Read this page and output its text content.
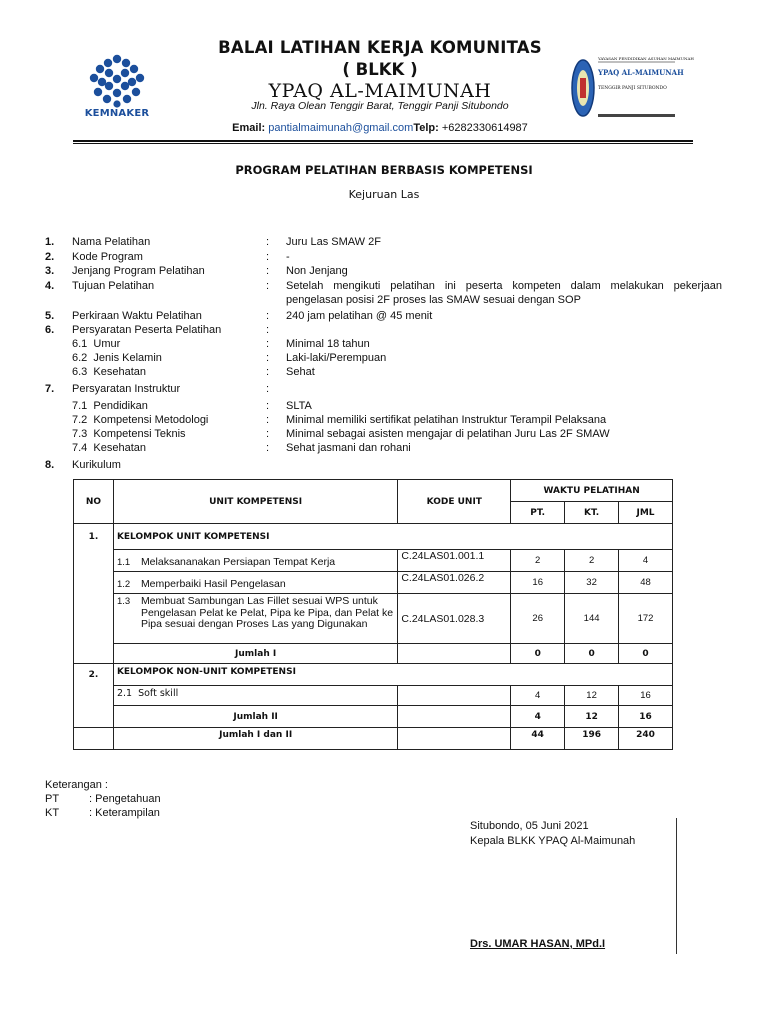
KEMNAKER
BALAI LATIHAN KERJA KOMUNITAS
( BLKK )
YPAQ AL-MAIMUNAH
Jln. Raya Olean Tenggir Barat, Tenggir Panji Situbondo
Email: pantialmaimunah@gmail.comTelp: +6282330614987
YAYASAN PENDIDIKAN ASUHAN MAIMUNAH
YPAQ AL-MAIMUNAH
TENGGIR PANJI SITUBONDO
PROGRAM PELATIHAN BERBASIS KOMPETENSI
Kejuruan Las
1. Nama Pelatihan	: Juru Las SMAW 2F
2. Kode Program	: -
3. Jenjang Program Pelatihan	: Non Jenjang
4. Tujuan Pelatihan	: Setelah mengikuti pelatihan ini peserta kompeten dalam melakukan pekerjaan pengelasan posisi 2F proses las SMAW sesuai dengan SOP
5. Perkiraan Waktu Pelatihan	: 240 jam pelatihan @ 45 menit
6. Persyaratan Peserta Pelatihan	:
6.1 Umur	: Minimal 18 tahun
6.2 Jenis Kelamin	: Laki-laki/Perempuan
6.3 Kesehatan	: Sehat
7. Persyaratan Instruktur	:
7.1 Pendidikan	: SLTA
7.2 Kompetensi Metodologi	: Minimal memiliki sertifikat pelatihan Instruktur Terampil Pelaksana
7.3 Kompetensi Teknis	: Minimal sebagai asisten mengajar di pelatihan Juru Las 2F SMAW
7.4 Kesehatan	: Sehat jasmani dan rohani
8. Kurikulum
NO	UNIT KOMPETENSI	KODE UNIT	WAKTU PELATIHAN		
			PT.	KT.	JML
1.	KELOMPOK UNIT KOMPETENSI				
	1.1 Melaksananakan Persiapan Tempat Kerja	C.24LAS01.001.1	2	2	4
	1.2 Memperbaiki Hasil Pengelasan	C.24LAS01.026.2	16	32	48

	1.3 Membuat Sambungan Las Fillet sesuai WPS untuk Pengelasan Pelat ke Pelat, Pipa ke Pipa, dan Pelat ke Pipa sesuai dengan Proses Las yang Digunakan	C.24LAS01.028.3	26	144	172
	Jumlah I		0	0	0
2.	KELOMPOK NON-UNIT KOMPETENSI				
	2.1 Soft skill		4	12	16
	Jumlah II		4	12	16
	Jumlah I dan II		44	196	240
Keterangan :
PT	: Pengetahuan
KT	: Keterampilan
Situbondo, 05 Juni 2021
Kepala BLKK YPAQ Al-Maimunah
Drs. UMAR HASAN, MPd.I
